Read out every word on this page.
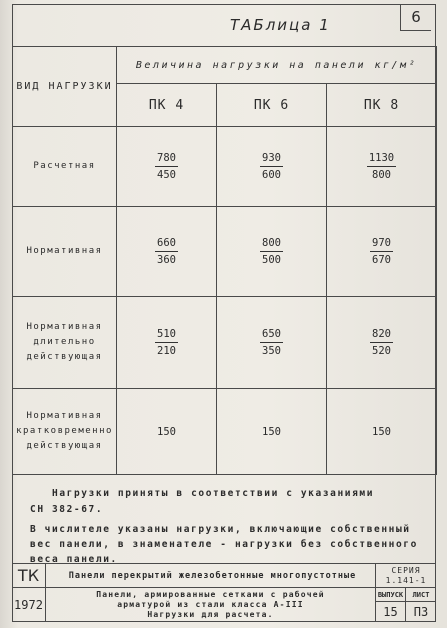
6
ТАБлица 1
ВИД НАГРУЗКИ	Величина нагрузки на панели кг/м²		
	ПК 4	ПК 6	ПК 8
Расчетная	$\frac{780}{450}$	$\frac{930}{600}$	$\frac{1130}{800}$

Нормативная	$\frac{660}{360}$	$\frac{800}{500}$	$\frac{970}{670}$

Нормативная длительно действующая	$\frac{510}{210}$	$\frac{650}{350}$	$\frac{820}{520}$

Нормативная кратковременно действующая	150	150	150
Нагрузки приняты в соответствии с указаниями
СН 382-67.
В числителе указаны нагрузки, включающие собственный вес панели, в знаменателе - нагрузки без собственного веса панели.
ТК
1972
Панели перекрытий железобетонные многопустотные
Панели, армированные сетками с рабочей
арматурой из стали класса А-III
Нагрузки для расчета.
СЕРИЯ
1.141-1
ВЫПУСК	ЛИСТ
15	П3
